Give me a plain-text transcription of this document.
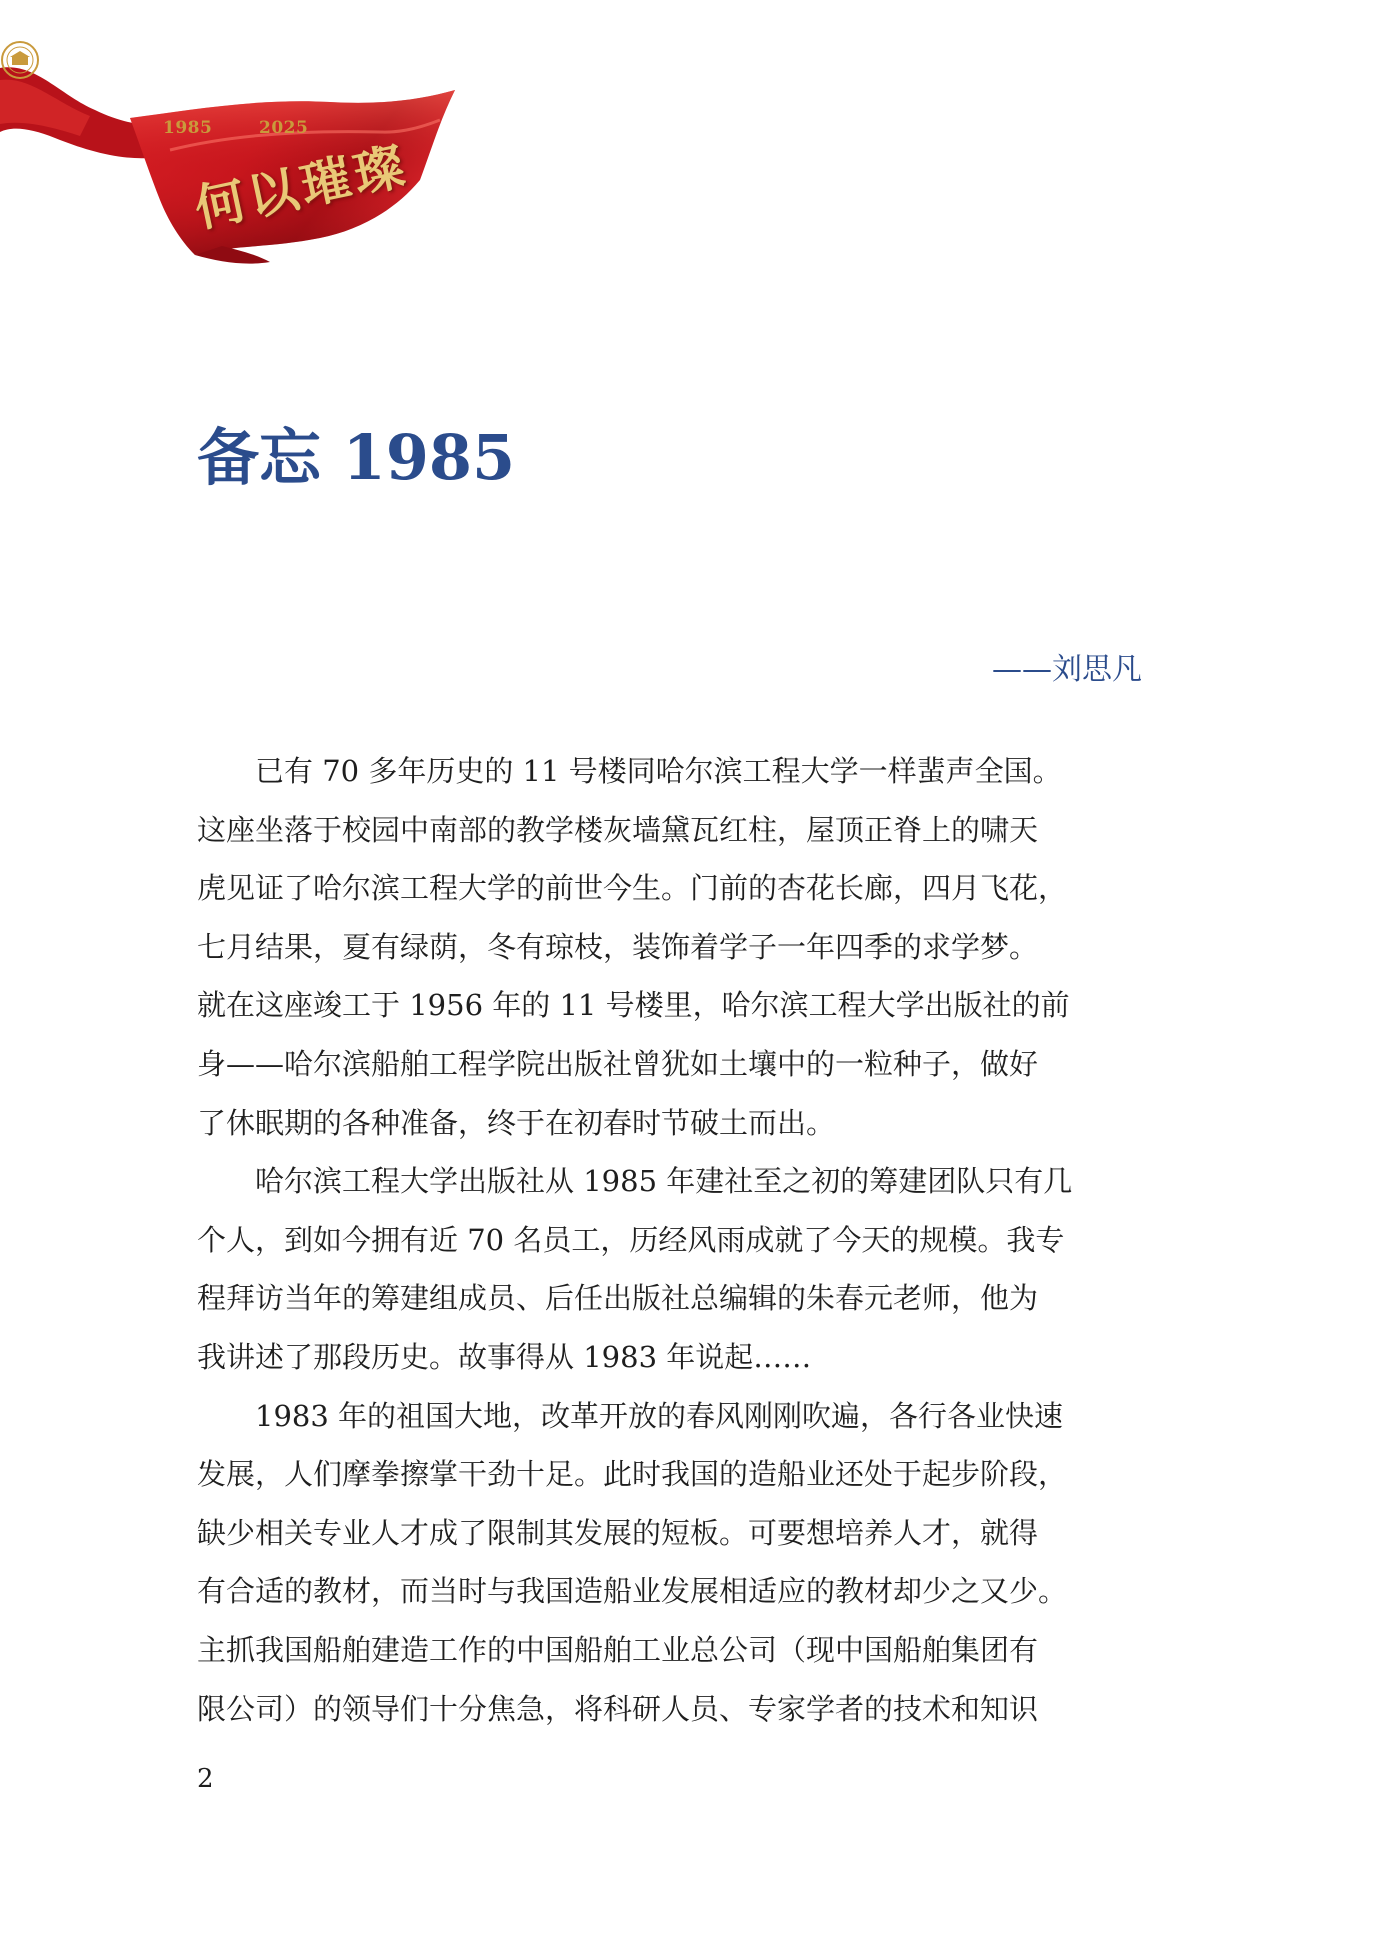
1985	2025
何以璀璨
备忘 1985
——刘思凡

已有 70 多年历史的 11 号楼同哈尔滨工程大学一样蜚声全国。
这座坐落于校园中南部的教学楼灰墙黛瓦红柱，屋顶正脊上的啸天
虎见证了哈尔滨工程大学的前世今生。门前的杏花长廊，四月飞花，
七月结果，夏有绿荫，冬有琼枝，装饰着学子一年四季的求学梦。
就在这座竣工于 1956 年的 11 号楼里，哈尔滨工程大学出版社的前
身——哈尔滨船舶工程学院出版社曾犹如土壤中的一粒种子，做好
了休眠期的各种准备，终于在初春时节破土而出。

哈尔滨工程大学出版社从 1985 年建社至之初的筹建团队只有几
个人，到如今拥有近 70 名员工，历经风雨成就了今天的规模。我专
程拜访当年的筹建组成员、后任出版社总编辑的朱春元老师，他为
我讲述了那段历史。故事得从 1983 年说起……

1983 年的祖国大地，改革开放的春风刚刚吹遍，各行各业快速
发展，人们摩拳擦掌干劲十足。此时我国的造船业还处于起步阶段，
缺少相关专业人才成了限制其发展的短板。可要想培养人才，就得
有合适的教材，而当时与我国造船业发展相适应的教材却少之又少。
主抓我国船舶建造工作的中国船舶工业总公司（现中国船舶集团有
限公司）的领导们十分焦急，将科研人员、专家学者的技术和知识

2
